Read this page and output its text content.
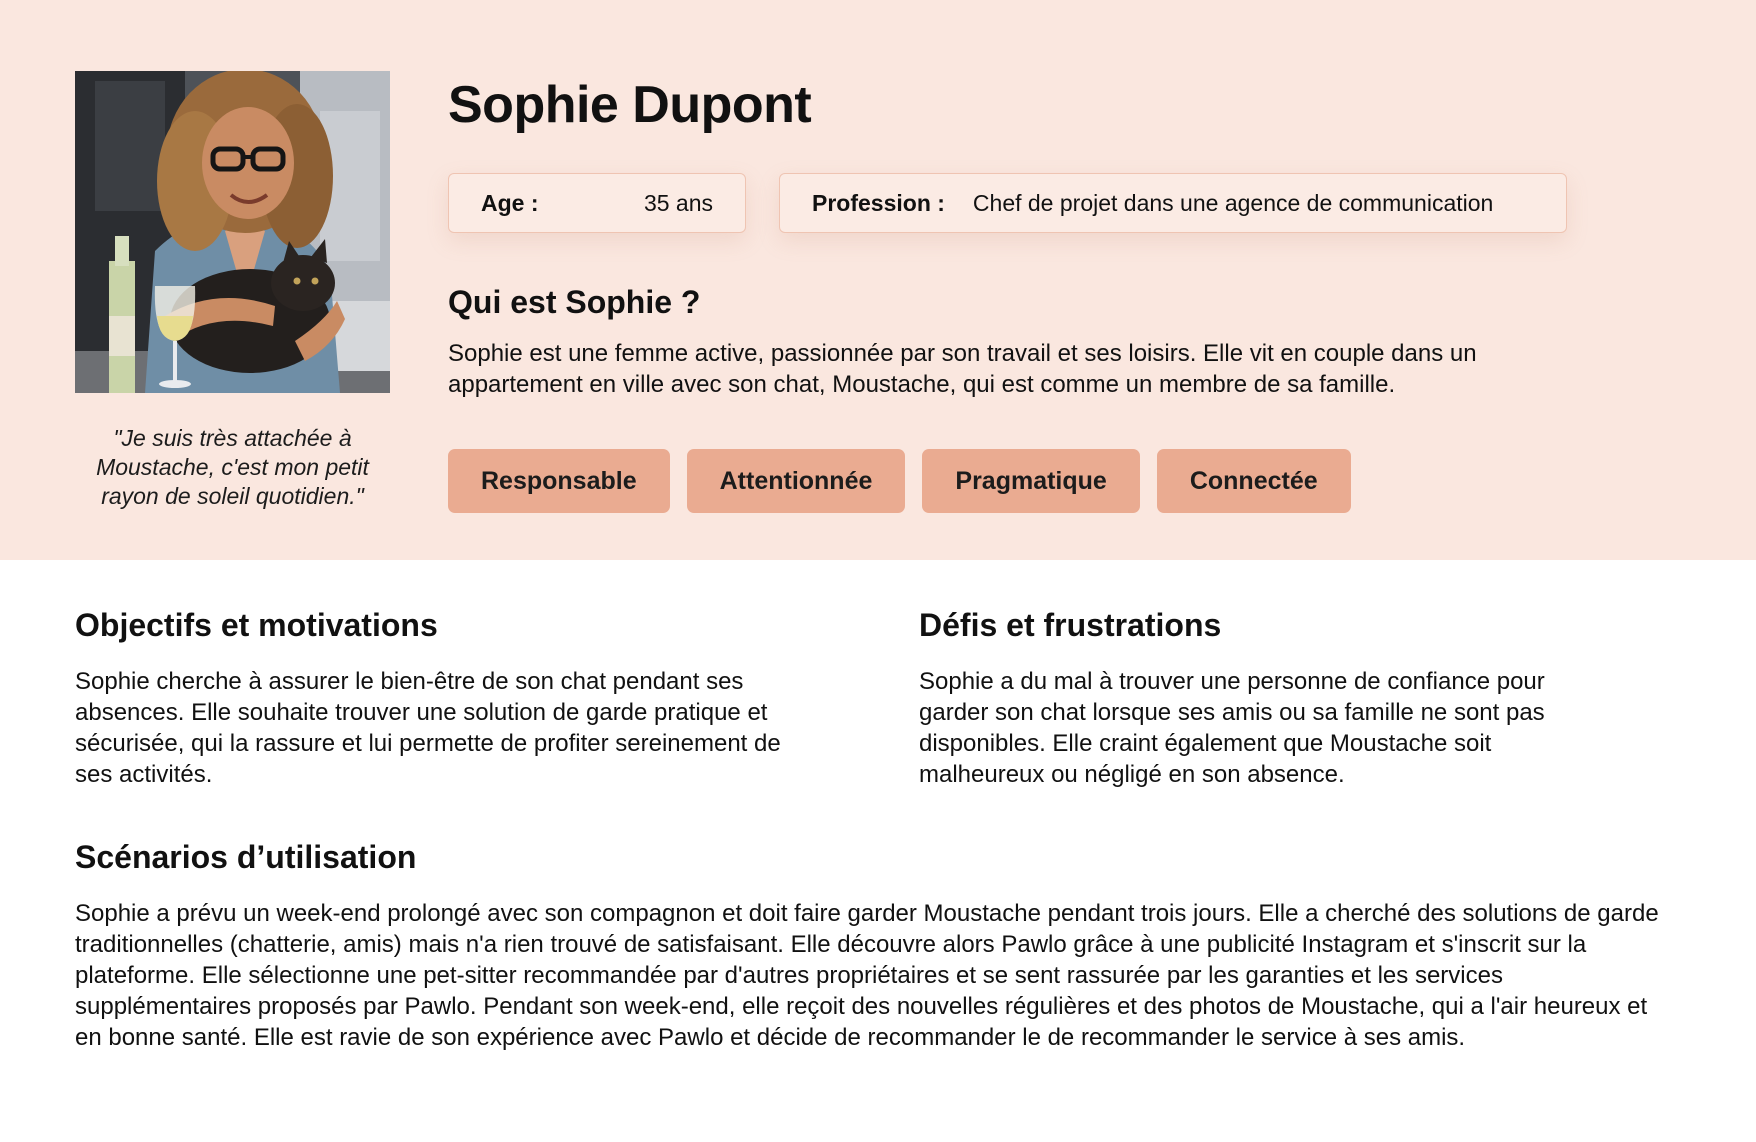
"Je suis très attachée à Moustache, c'est mon petit rayon de soleil quotidien."
Sophie Dupont
Age :	35 ans	Profession : Chef de projet dans une agence de communication
Qui est Sophie ?

Sophie est une femme active, passionnée par son travail et ses loisirs. Elle vit en couple dans un appartement en ville avec son chat, Moustache, qui est comme un membre de sa famille.

Responsable	Attentionnée	Pragmatique	Connectée
Objectifs et motivations

Sophie cherche à assurer le bien-être de son chat pendant ses absences. Elle souhaite trouver une solution de garde pratique et sécurisée, qui la rassure et lui permette de profiter sereinement de ses activités.

Défis et frustrations

Sophie a du mal à trouver une personne de confiance pour garder son chat lorsque ses amis ou sa famille ne sont pas disponibles. Elle craint également que Moustache soit malheureux ou négligé en son absence.

Scénarios d’utilisation

Sophie a prévu un week-end prolongé avec son compagnon et doit faire garder Moustache pendant trois jours. Elle a cherché des solutions de garde traditionnelles (chatterie, amis) mais n'a rien trouvé de satisfaisant. Elle découvre alors Pawlo grâce à une publicité Instagram et s'inscrit sur la plateforme. Elle sélectionne une pet-sitter recommandée par d'autres propriétaires et se sent rassurée par les garanties et les services supplémentaires proposés par Pawlo. Pendant son week-end, elle reçoit des nouvelles régulières et des photos de Moustache, qui a l'air heureux et en bonne santé. Elle est ravie de son expérience avec Pawlo et décide de recommander le de recommander le service à ses amis.
